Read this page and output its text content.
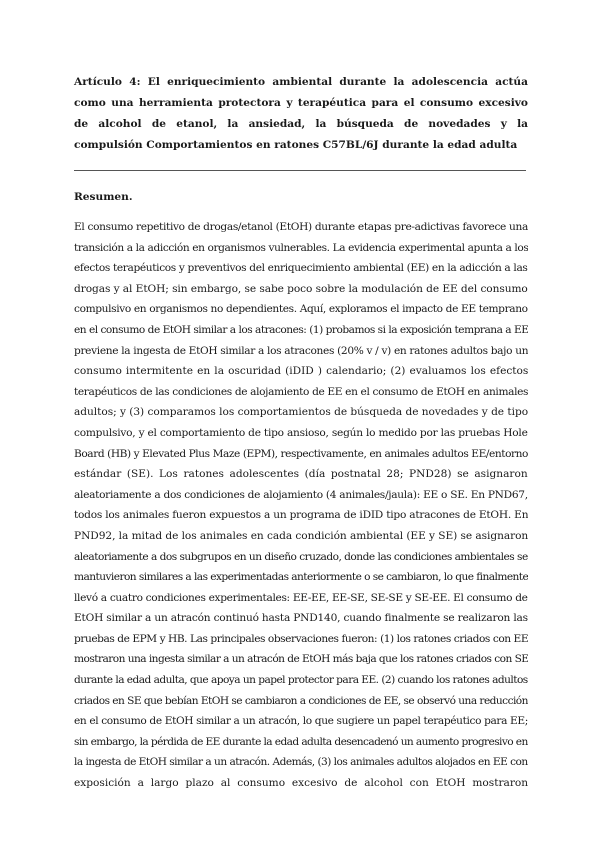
Artículo 4: El enriquecimiento ambiental durante la adolescencia actúa como una herramienta protectora y terapéutica para el consumo excesivo de alcohol de etanol, la ansiedad, la búsqueda de novedades y la compulsión Comportamientos en ratones C57BL/6J durante la edad adulta

Resumen.

El consumo repetitivo de drogas/etanol (EtOH) durante etapas pre-adictivas favorece una
transición a la adicción en organismos vulnerables. La evidencia experimental apunta a los
efectos terapéuticos y preventivos del enriquecimiento ambiental (EE) en la adicción a las
drogas y al EtOH; sin embargo, se sabe poco sobre la modulación de EE del consumo
compulsivo en organismos no dependientes. Aquí, exploramos el impacto de EE temprano
en el consumo de EtOH similar a los atracones: (1) probamos si la exposición temprana a EE
previene la ingesta de EtOH similar a los atracones (20% v / v) en ratones adultos bajo un
consumo intermitente en la oscuridad (iDID ) calendario; (2) evaluamos los efectos
terapéuticos de las condiciones de alojamiento de EE en el consumo de EtOH en animales
adultos; y (3) comparamos los comportamientos de búsqueda de novedades y de tipo
compulsivo, y el comportamiento de tipo ansioso, según lo medido por las pruebas Hole
Board (HB) y Elevated Plus Maze (EPM), respectivamente, en animales adultos EE/entorno
estándar (SE). Los ratones adolescentes (día postnatal 28; PND28) se asignaron
aleatoriamente a dos condiciones de alojamiento (4 animales/jaula): EE o SE. En PND67,
todos los animales fueron expuestos a un programa de iDID tipo atracones de EtOH. En
PND92, la mitad de los animales en cada condición ambiental (EE y SE) se asignaron
aleatoriamente a dos subgrupos en un diseño cruzado, donde las condiciones ambientales se
mantuvieron similares a las experimentadas anteriormente o se cambiaron, lo que finalmente
llevó a cuatro condiciones experimentales: EE-EE, EE-SE, SE-SE y SE-EE. El consumo de
EtOH similar a un atracón continuó hasta PND140, cuando finalmente se realizaron las
pruebas de EPM y HB. Las principales observaciones fueron: (1) los ratones criados con EE
mostraron una ingesta similar a un atracón de EtOH más baja que los ratones criados con SE
durante la edad adulta, que apoya un papel protector para EE. (2) cuando los ratones adultos
criados en SE que bebían EtOH se cambiaron a condiciones de EE, se observó una reducción
en el consumo de EtOH similar a un atracón, lo que sugiere un papel terapéutico para EE;
sin embargo, la pérdida de EE durante la edad adulta desencadenó un aumento progresivo en
la ingesta de EtOH similar a un atracón. Además, (3) los animales adultos alojados en EE con
exposición a largo plazo al consumo excesivo de alcohol con EtOH mostraron
